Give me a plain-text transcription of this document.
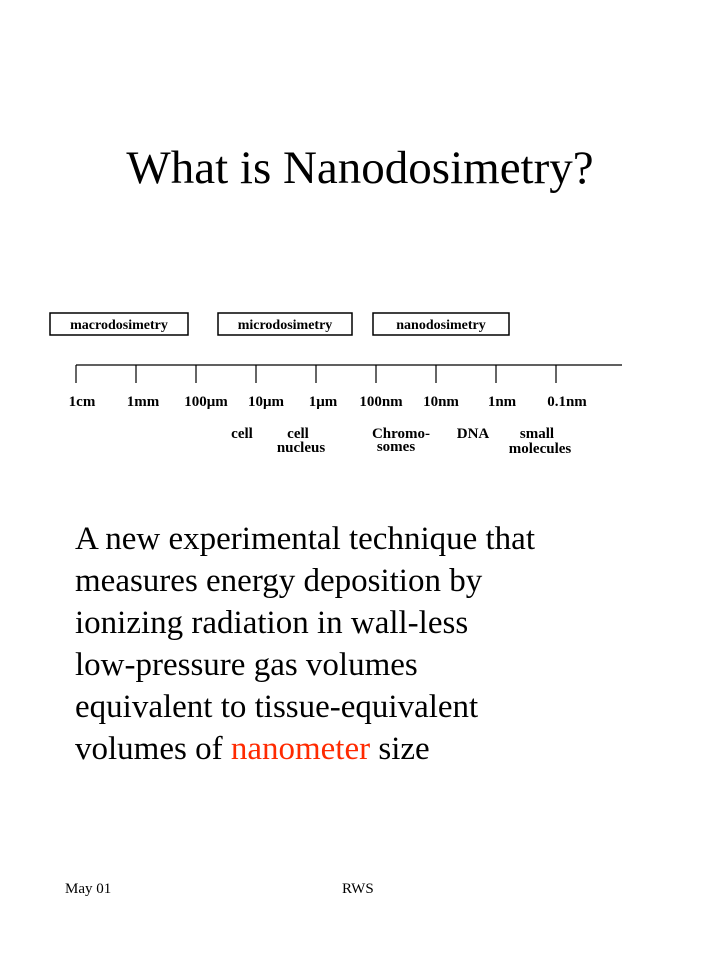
What is Nanodosimetry?
macrodosimetry	microdosimetry	nanodosimetry
1cm 1mm 100μm 10μm 1μm 100nm 10nm 1nm 0.1nm
cell cell
nucleus
Chromo-
somes
DNA small
molecules
A new experimental technique that
measures energy deposition by
ionizing radiation in wall-less
low-pressure gas volumes
equivalent to tissue-equivalent
volumes of nanometer size
May 01	RWS
